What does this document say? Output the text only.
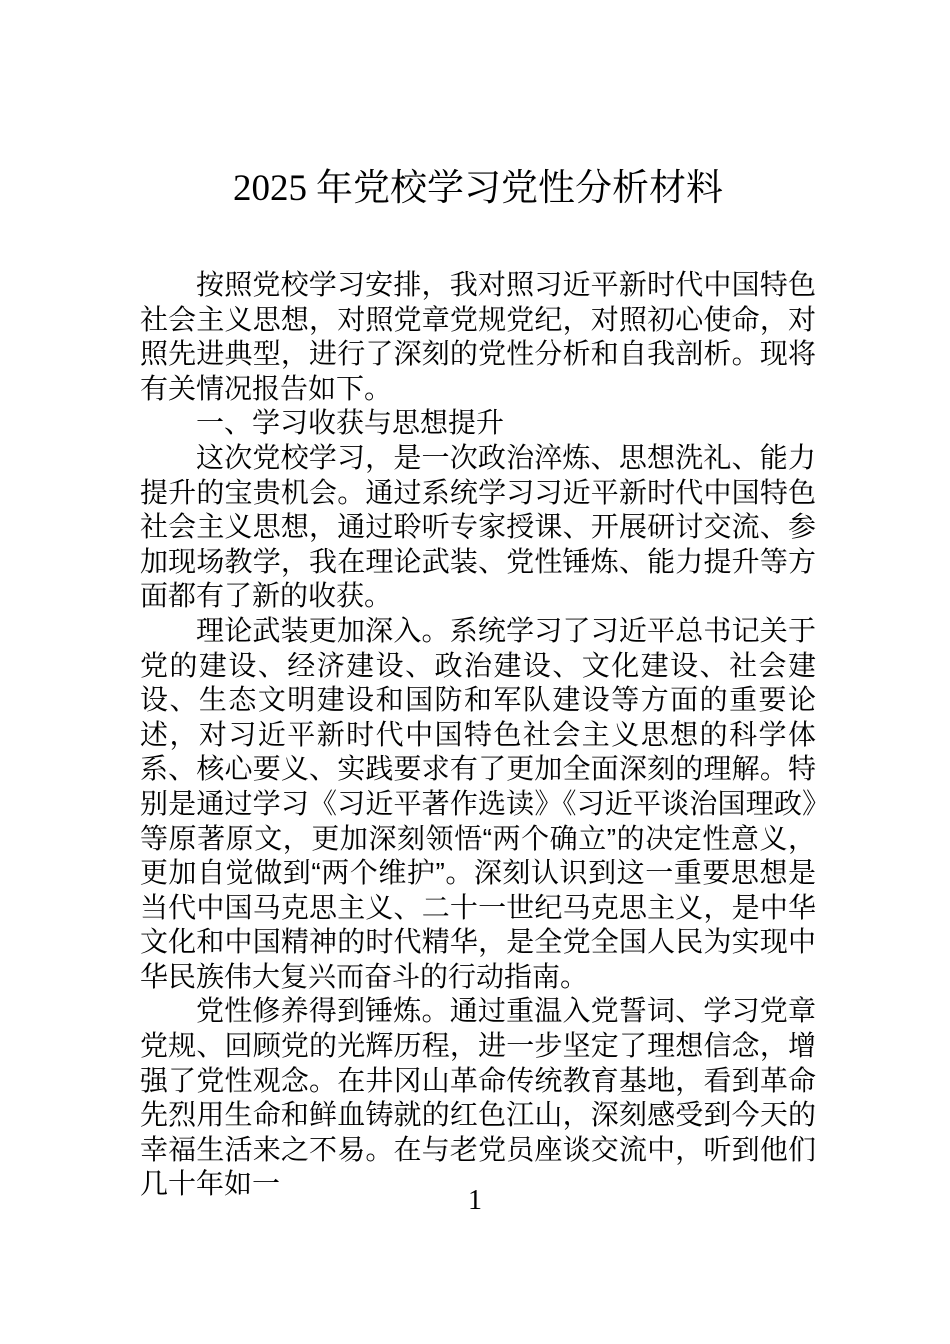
2025 年党校学习党性分析材料

按照党校学习安排，我对照习近平新时代中国特色社会主义思想，对照党章党规党纪，对照初心使命，对照先进典型，进行了深刻的党性分析和自我剖析。现将有关情况报告如下。

一、学习收获与思想提升

这次党校学习，是一次政治淬炼、思想洗礼、能力提升的宝贵机会。通过系统学习习近平新时代中国特色社会主义思想，通过聆听专家授课、开展研讨交流、参加现场教学，我在理论武装、党性锤炼、能力提升等方面都有了新的收获。

理论武装更加深入。系统学习了习近平总书记关于党的建设、经济建设、政治建设、文化建设、社会建设、生态文明建设和国防和军队建设等方面的重要论述，对习近平新时代中国特色社会主义思想的科学体系、核心要义、实践要求有了更加全面深刻的理解。特别是通过学习《习近平著作选读》《习近平谈治国理政》等原著原文，更加深刻领悟“两个确立”的决定性意义，更加自觉做到“两个维护”。深刻认识到这一重要思想是当代中国马克思主义、二十一世纪马克思主义，是中华文化和中国精神的时代精华，是全党全国人民为实现中华民族伟大复兴而奋斗的行动指南。

党性修养得到锤炼。通过重温入党誓词、学习党章党规、回顾党的光辉历程，进一步坚定了理想信念，增强了党性观念。在井冈山革命传统教育基地，看到革命先烈用生命和鲜血铸就的红色江山，深刻感受到今天的幸福生活来之不易。在与老党员座谈交流中，听到他们几十年如一

1
